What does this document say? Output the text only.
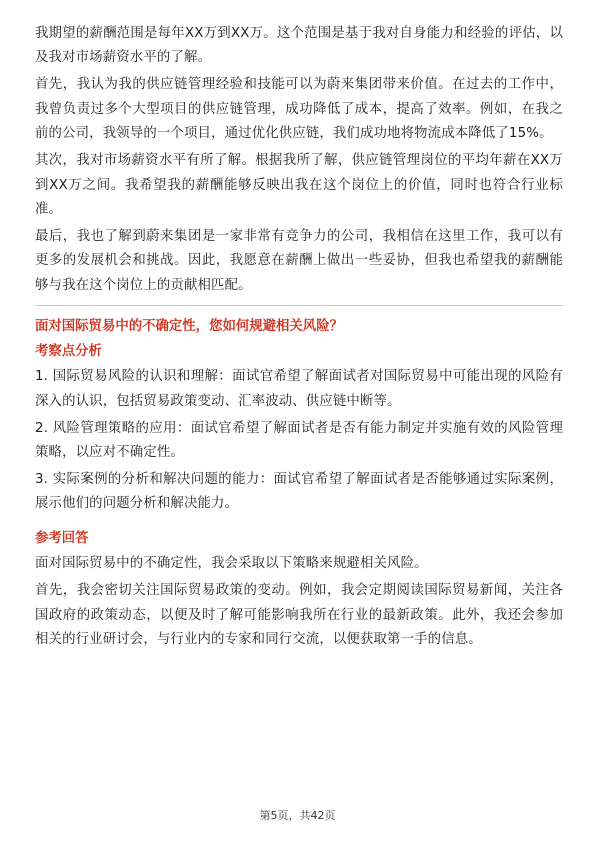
我期望的薪酬范围是每年XX万到XX万。这个范围是基于我对自身能力和经验的评估，以及我对市场薪资水平的了解。

首先，我认为我的供应链管理经验和技能可以为蔚来集团带来价值。在过去的工作中，我曾负责过多个大型项目的供应链管理，成功降低了成本，提高了效率。例如，在我之前的公司，我领导的一个项目，通过优化供应链，我们成功地将物流成本降低了15%。

其次，我对市场薪资水平有所了解。根据我所了解，供应链管理岗位的平均年薪在XX万到XX万之间。我希望我的薪酬能够反映出我在这个岗位上的价值，同时也符合行业标准。

最后，我也了解到蔚来集团是一家非常有竞争力的公司，我相信在这里工作，我可以有更多的发展机会和挑战。因此，我愿意在薪酬上做出一些妥协，但我也希望我的薪酬能够与我在这个岗位上的贡献相匹配。

面对国际贸易中的不确定性，您如何规避相关风险？
考察点分析

1. 国际贸易风险的认识和理解：面试官希望了解面试者对国际贸易中可能出现的风险有深入的认识，包括贸易政策变动、汇率波动、供应链中断等。

2. 风险管理策略的应用：面试官希望了解面试者是否有能力制定并实施有效的风险管理策略，以应对不确定性。

3. 实际案例的分析和解决问题的能力：面试官希望了解面试者是否能够通过实际案例，展示他们的问题分析和解决能力。

参考回答

面对国际贸易中的不确定性，我会采取以下策略来规避相关风险。

首先，我会密切关注国际贸易政策的变动。例如，我会定期阅读国际贸易新闻，关注各国政府的政策动态，以便及时了解可能影响我所在行业的最新政策。此外，我还会参加相关的行业研讨会，与行业内的专家和同行交流，以便获取第一手的信息。

第5页，共42页
